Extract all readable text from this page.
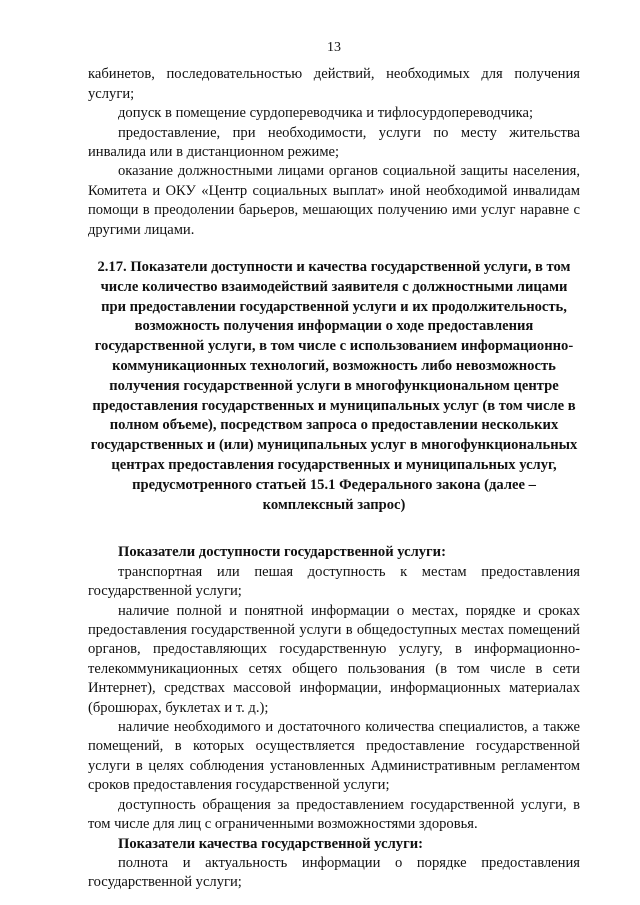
13

кабинетов, последовательностью действий, необходимых для получения услуги;

допуск в помещение сурдопереводчика и тифлосурдопереводчика;

предоставление, при необходимости, услуги по месту жительства инвалида или в дистанционном режиме;

оказание должностными лицами органов социальной защиты населения, Комитета и ОКУ «Центр социальных выплат» иной необходимой инвалидам помощи в преодолении барьеров, мешающих получению ими услуг наравне с другими лицами.

2.17. Показатели доступности и качества государственной услуги, в том числе количество взаимодействий заявителя с должностными лицами при предоставлении государственной услуги и их продолжительность, возможность получения информации о ходе предоставления государственной услуги, в том числе с использованием информационно-коммуникационных технологий, возможность либо невозможность получения государственной услуги в многофункциональном центре предоставления государственных и муниципальных услуг (в том числе в полном объеме), посредством запроса о предоставлении нескольких государственных и (или) муниципальных услуг в многофункциональных центрах предоставления государственных и муниципальных услуг, предусмотренного статьей 15.1 Федерального закона (далее – комплексный запрос)

Показатели доступности государственной услуги:

транспортная или пешая доступность к местам предоставления государственной услуги;

наличие полной и понятной информации о местах, порядке и сроках предоставления государственной услуги в общедоступных местах помещений органов, предоставляющих государственную услугу, в информационно-телекоммуникационных сетях общего пользования (в том числе в сети Интернет), средствах массовой информации, информационных материалах (брошюрах, буклетах и т. д.);

наличие необходимого и достаточного количества специалистов, а также помещений, в которых осуществляется предоставление государственной услуги в целях соблюдения установленных Административным регламентом сроков предоставления государственной услуги;

доступность обращения за предоставлением государственной услуги, в том числе для лиц с ограниченными возможностями здоровья.

Показатели качества государственной услуги:

полнота и актуальность информации о порядке предоставления государственной услуги;
